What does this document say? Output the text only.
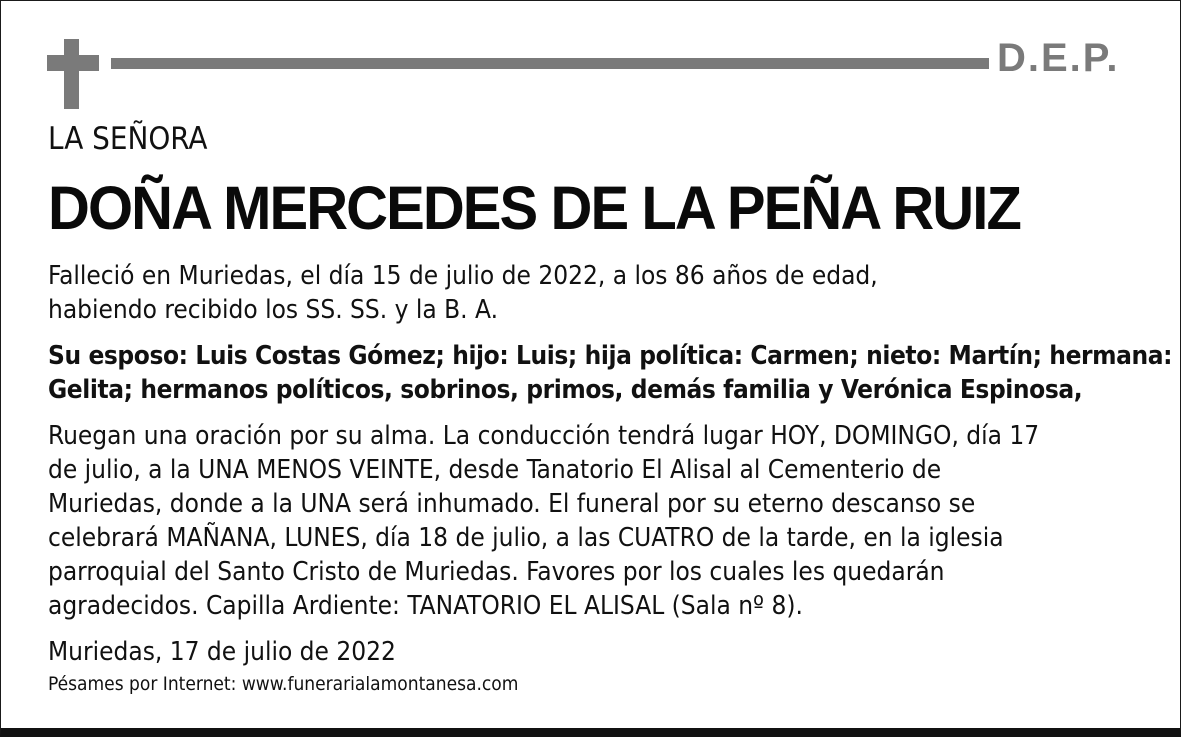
D.E.P.
LA SEÑORA
DOÑA MERCEDES DE LA PEÑA RUIZ
Falleció en Muriedas, el día 15 de julio de 2022, a los 86 años de edad,
habiendo recibido los SS. SS. y la B. A.
Su esposo: Luis Costas Gómez; hijo: Luis; hija política: Carmen; nieto: Martín; hermana:
Gelita; hermanos políticos, sobrinos, primos, demás familia y Verónica Espinosa,
Ruegan una oración por su alma. La conducción tendrá lugar HOY, DOMINGO, día 17
de julio, a la UNA MENOS VEINTE, desde Tanatorio El Alisal al Cementerio de
Muriedas, donde a la UNA será inhumado. El funeral por su eterno descanso se
celebrará MAÑANA, LUNES, día 18 de julio, a las CUATRO de la tarde, en la iglesia
parroquial del Santo Cristo de Muriedas. Favores por los cuales les quedarán
agradecidos. Capilla Ardiente: TANATORIO EL ALISAL (Sala nº 8).
Muriedas, 17 de julio de 2022
Pésames por Internet: www.funerarialamontanesa.com
